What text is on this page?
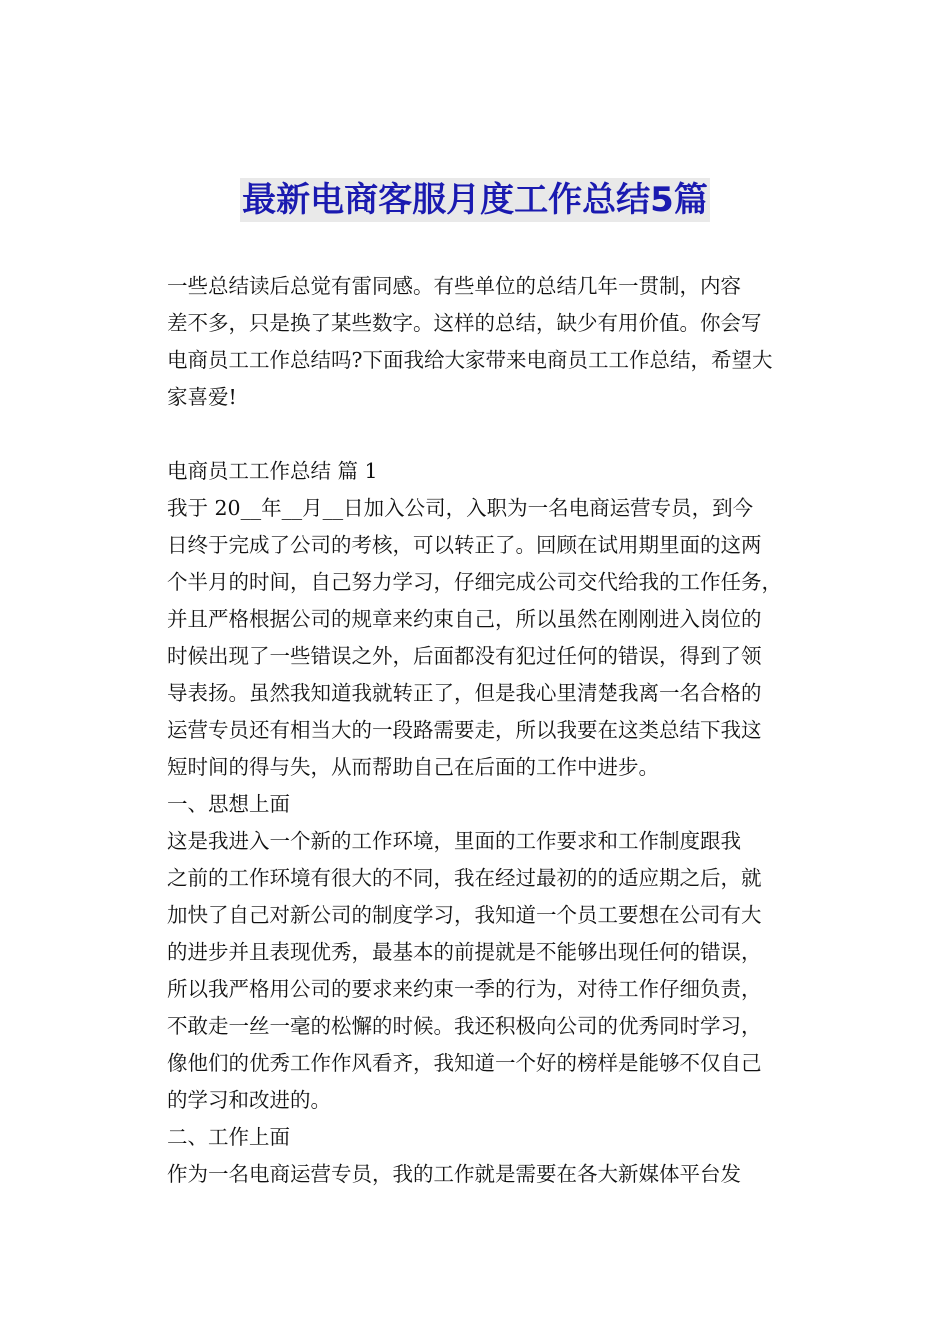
最新电商客服月度工作总结5篇

一些总结读后总觉有雷同感。有些单位的总结几年一贯制，内容
差不多，只是换了某些数字。这样的总结，缺少有用价值。你会写
电商员工工作总结吗?下面我给大家带来电商员工工作总结，希望大
家喜爱!

电商员工工作总结 篇 1

我于 20__年__月__日加入公司，入职为一名电商运营专员，到今
日终于完成了公司的考核，可以转正了。回顾在试用期里面的这两
个半月的时间，自己努力学习，仔细完成公司交代给我的工作任务，
并且严格根据公司的规章来约束自己，所以虽然在刚刚进入岗位的
时候出现了一些错误之外，后面都没有犯过任何的错误，得到了领
导表扬。虽然我知道我就转正了，但是我心里清楚我离一名合格的
运营专员还有相当大的一段路需要走，所以我要在这类总结下我这
短时间的得与失，从而帮助自己在后面的工作中进步。

一、思想上面

这是我进入一个新的工作环境，里面的工作要求和工作制度跟我
之前的工作环境有很大的不同，我在经过最初的的适应期之后，就
加快了自己对新公司的制度学习，我知道一个员工要想在公司有大
的进步并且表现优秀，最基本的前提就是不能够出现任何的错误，
所以我严格用公司的要求来约束一季的行为，对待工作仔细负责，
不敢走一丝一毫的松懈的时候。我还积极向公司的优秀同时学习，
像他们的优秀工作作风看齐，我知道一个好的榜样是能够不仅自己
的学习和改进的。

二、工作上面

作为一名电商运营专员，我的工作就是需要在各大新媒体平台发
